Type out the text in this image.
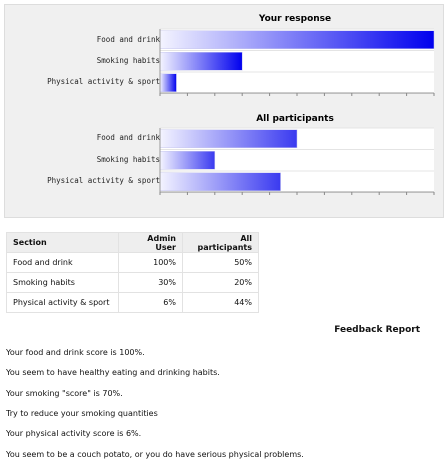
Your response
Food and drink
Smoking habits
Physical activity & sport
All participants
Food and drink
Smoking habits
Physical activity & sport
Section	Admin User	All participants
Food and drink	100%	50%
Smoking habits	30%	20%
Physical activity & sport	6%	44%
Feedback Report
Your food and drink score is 100%.
You seem to have healthy eating and drinking habits.
Your smoking "score" is 70%.
Try to reduce your smoking quantities
Your physical activity score is 6%.
You seem to be a couch potato, or you do have serious physical problems.
